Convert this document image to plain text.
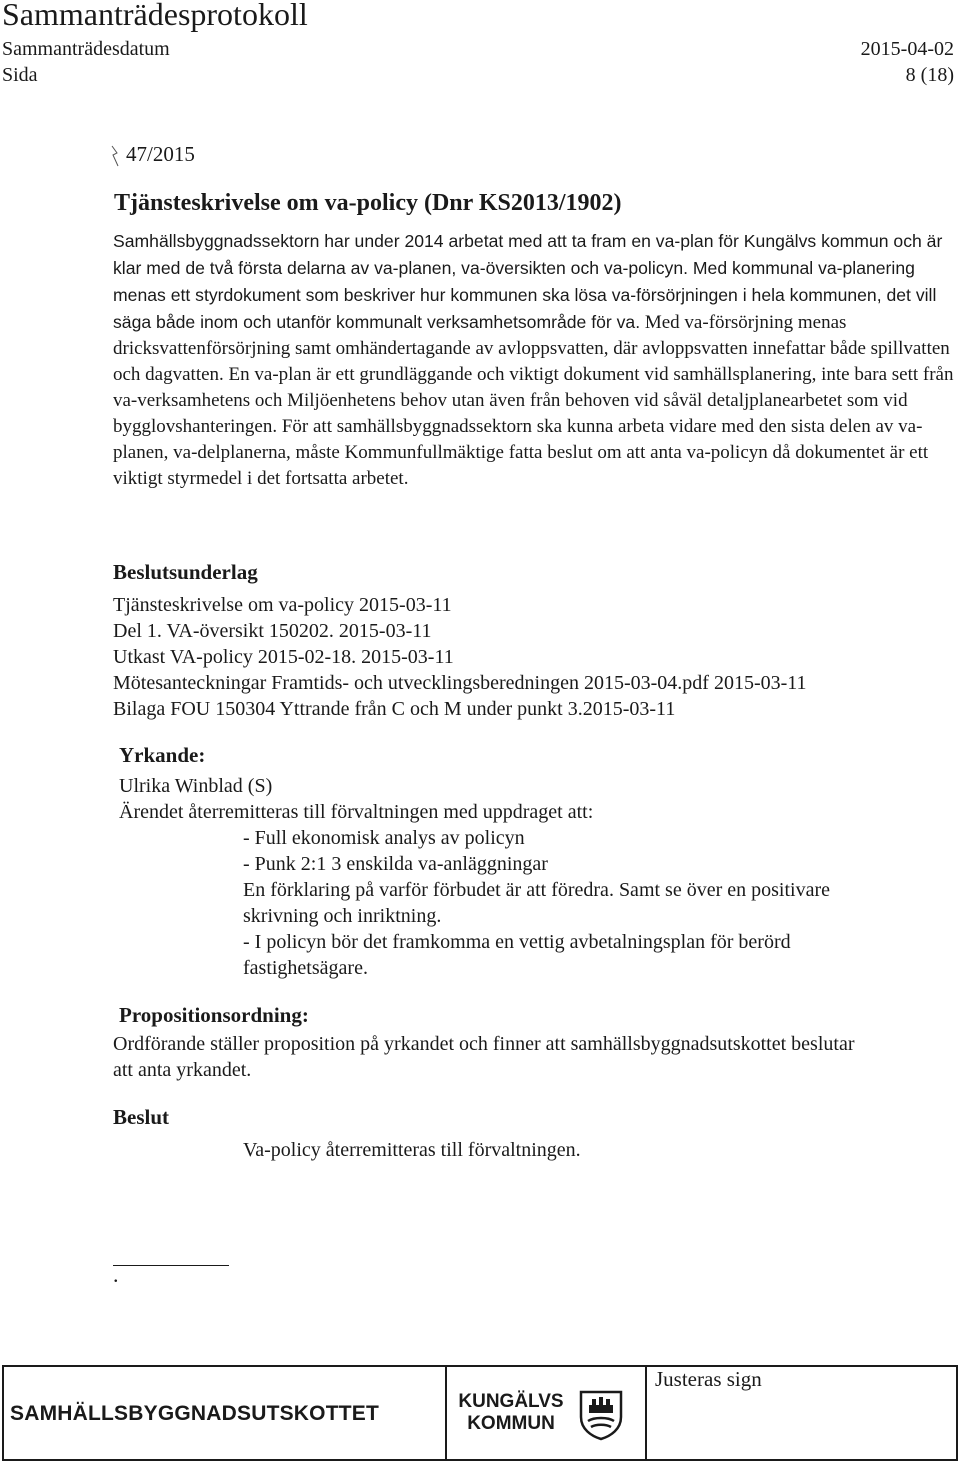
Sammanträdesprotokoll
Sammanträdesdatum	2015-04-02
Sida	8 (18)
47/2015
Tjänsteskrivelse om va-policy (Dnr KS2013/1902)

Samhällsbyggnadssektorn har under 2014 arbetat med att ta fram en va-plan för Kungälvs kommun och är klar med de två första delarna av va-planen, va-översikten och va-policyn. Med kommunal va-planering menas ett styrdokument som beskriver hur kommunen ska lösa va-försörjningen i hela kommunen, det vill säga både inom och utanför kommunalt verksamhetsområde för va. Med va-försörjning menas dricksvattenförsörjning samt omhändertagande av avloppsvatten, där avloppsvatten innefattar både spillvatten och dagvatten. En va-plan är ett grundläggande och viktigt dokument vid samhällsplanering, inte bara sett från va-verksamhetens och Miljöenhetens behov utan även från behoven vid såväl detaljplanearbetet som vid bygglovshanteringen. För att samhällsbyggnadssektorn ska kunna arbeta vidare med den sista delen av va-planen, va-delplanerna, måste Kommunfullmäktige fatta beslut om att anta va-policyn då dokumentet är ett viktigt styrmedel i det fortsatta arbetet.

Beslutsunderlag
Tjänsteskrivelse om va-policy 2015-03-11
Del 1. VA-översikt 150202. 2015-03-11
Utkast VA-policy 2015-02-18. 2015-03-11
Mötesanteckningar Framtids- och utvecklingsberedningen 2015-03-04.pdf 2015-03-11
Bilaga FOU 150304 Yttrande från C och M under punkt 3.2015-03-11
Yrkande:
Ulrika Winblad (S)
Ärendet återremitteras till förvaltningen med uppdraget att:
- Full ekonomisk analys av policyn
- Punk 2:1 3 enskilda va-anläggningar
En förklaring på varför förbudet är att föredra. Samt se över en positivare
skrivning och inriktning.
- I policyn bör det framkomma en vettig avbetalningsplan för berörd
fastighetsägare.
Propositionsordning:
Ordförande ställer proposition på yrkandet och finner att samhällsbyggnadsutskottet beslutar
att anta yrkandet.
Beslut
Va-policy återremitteras till förvaltningen.
.
SAMHÄLLSBYGGNADSUTSKOTTET
KUNGÄLVS
KOMMUN
Justeras sign
